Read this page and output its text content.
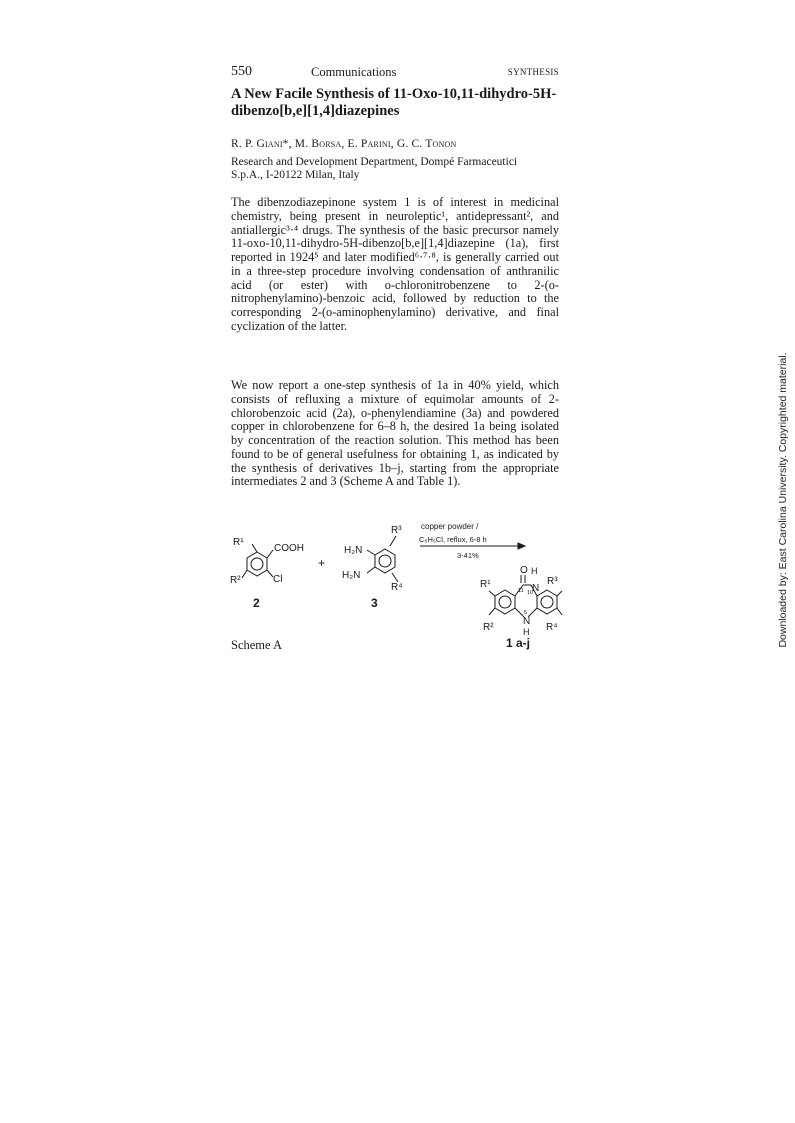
550	Communications	SYNTHESIS
A New Facile Synthesis of 11-Oxo-10,11-dihydro-5H-
dibenzo[b,e][1,4]diazepines
R. P. Giani*, M. Borsa, E. Parini, G. C. Tonon
Research and Development Department, Dompé Farmaceutici
S.p.A., I-20122 Milan, Italy

The dibenzodiazepinone system 1 is of interest in medicinal chemistry, being present in neuroleptic¹, antidepressant², and antiallergic³·⁴ drugs. The synthesis of the basic precursor namely 11-oxo-10,11-dihydro-5H-dibenzo[b,e][1,4]diazepine (1a), first reported in 1924⁵ and later modified⁶·⁷·⁸, is generally carried out in a three-step procedure involving condensation of anthranilic acid (or ester) with o-chloronitrobenzene to 2-(o-nitrophenylamino)-benzoic acid, followed by reduction to the corresponding 2-(o-aminophenylamino) derivative, and final cyclization of the latter.

We now report a one-step synthesis of 1a in 40% yield, which consists of refluxing a mixture of equimolar amounts of 2-chlorobenzoic acid (2a), o-phenylendiamine (3a) and powdered copper in chlorobenzene for 6–8 h, the desired 1a being isolated by concentration of the reaction solution. This method has been found to be of general usefulness for obtaining 1, as indicated by the synthesis of derivatives 1b–j, starting from the appropriate intermediates 2 and 3 (Scheme A and Table 1).

R¹
COOH
Cl
R²
2
+
H₂N
H₂N
R³
R⁴
3
copper powder /
C₆H₅Cl, reflux, 6-8 h
3-41%
O H
N
11 10
5
N
H
R¹
R²
R³
R⁴
1 a-j
Scheme A	Downloaded by: East Carolina University. Copyrighted material.
